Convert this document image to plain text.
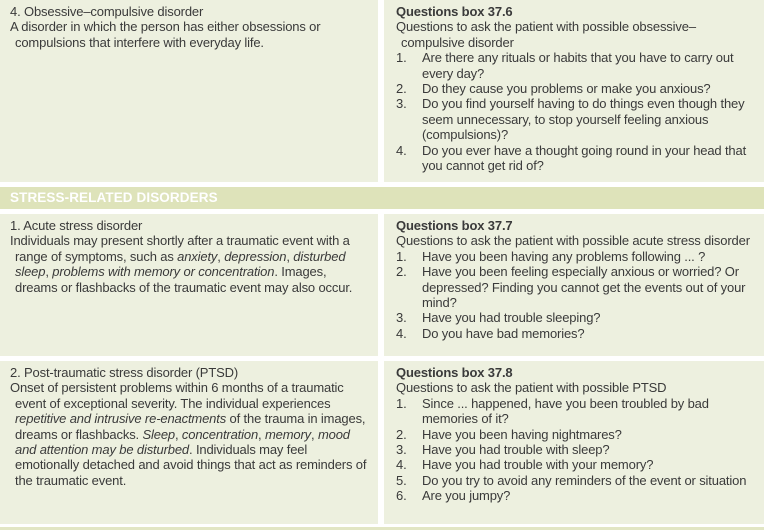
4. Obsessive–compulsive disorder

A disorder in which the person has either obsessions or compulsions that interfere with everyday life.

Questions box 37.6

Questions to ask the patient with possible obsessive–compulsive disorder

1.	Are there any rituals or habits that you have to carry out every day?
2.	Do they cause you problems or make you anxious?
3.	Do you find yourself having to do things even though they seem unnecessary, to stop yourself feeling anxious (compulsions)?
4.	Do you ever have a thought going round in your head that you cannot get rid of?
STRESS-RELATED DISORDERS
1. Acute stress disorder

Individuals may present shortly after a traumatic event with a range of symptoms, such as anxiety, depression, disturbed sleep, problems with memory or concentration. Images, dreams or flashbacks of the traumatic event may also occur.

Questions box 37.7

Questions to ask the patient with possible acute stress disorder

1.	Have you been having any problems following ... ?
2.	Have you been feeling especially anxious or worried? Or depressed? Finding you cannot get the events out of your mind?
3.	Have you had trouble sleeping?
4.	Do you have bad memories?
2. Post-traumatic stress disorder (PTSD)

Onset of persistent problems within 6 months of a traumatic event of exceptional severity. The individual experiences repetitive and intrusive re-enactments of the trauma in images, dreams or flashbacks. Sleep, concentration, memory, mood and attention may be disturbed. Individuals may feel emotionally detached and avoid things that act as reminders of the traumatic event.

Questions box 37.8

Questions to ask the patient with possible PTSD

1.	Since ... happened, have you been troubled by bad memories of it?
2.	Have you been having nightmares?
3.	Have you had trouble with sleep?
4.	Have you had trouble with your memory?
5.	Do you try to avoid any reminders of the event or situation
6.	Are you jumpy?
